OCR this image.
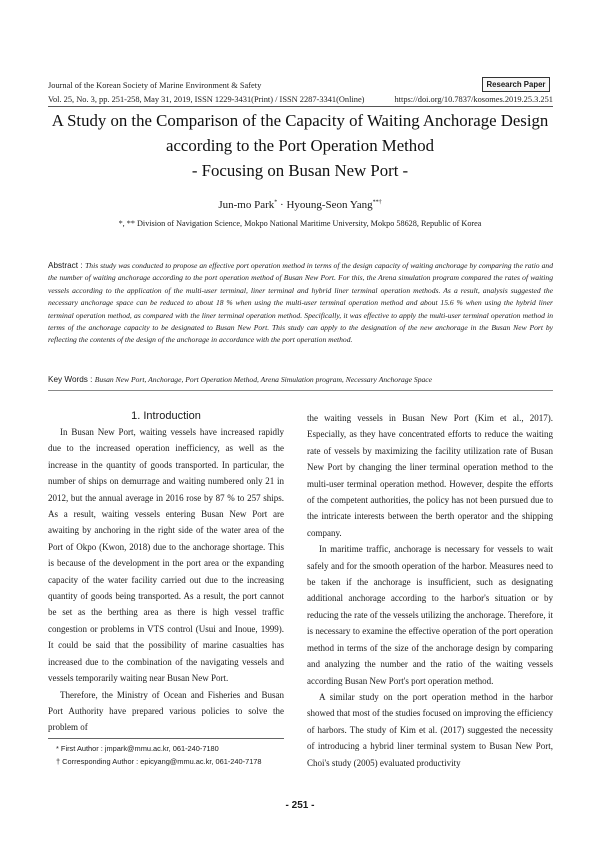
Journal of the Korean Society of Marine Environment & Safety
Vol. 25, No. 3, pp. 251-258, May 31, 2019, ISSN 1229-3431(Print) / ISSN 2287-3341(Online)	https://doi.org/10.7837/kosomes.2019.25.3.251
Research Paper
A Study on the Comparison of the Capacity of Waiting Anchorage Design
according to the Port Operation Method
- Focusing on Busan New Port -
Jun-mo Park* · Hyoung-Seon Yang**†
*, ** Division of Navigation Science, Mokpo National Maritime University, Mokpo 58628, Republic of Korea
Abstract : This study was conducted to propose an effective port operation method in terms of the design capacity of waiting anchorage by comparing the ratio and the number of waiting anchorage according to the port operation method of Busan New Port. For this, the Arena simulation program compared the rates of waiting vessels according to the application of the multi-user terminal, liner terminal and hybrid liner terminal operation methods. As a result, analysis suggested the necessary anchorage space can be reduced to about 18 % when using the multi-user terminal operation method and about 15.6 % when using the hybrid liner terminal operation method, as compared with the liner terminal operation method. Specifically, it was effective to apply the multi-user terminal operation method in terms of the anchorage capacity to be designated to Busan New Port. This study can apply to the designation of the new anchorage in the Busan New Port by reflecting the contents of the design of the anchorage in accordance with the port operation method.
Key Words : Busan New Port, Anchorage, Port Operation Method, Arena Simulation program, Necessary Anchorage Space

1. Introduction

In Busan New Port, waiting vessels have increased rapidly due to the increased operation inefficiency, as well as the increase in the quantity of goods transported. In particular, the number of ships on demurrage and waiting numbered only 21 in 2012, but the annual average in 2016 rose by 87 % to 257 ships. As a result, waiting vessels entering Busan New Port are awaiting by anchoring in the right side of the water area of the Port of Okpo (Kwon, 2018) due to the anchorage shortage. This is because of the development in the port area or the expanding capacity of the water facility carried out due to the increasing quantity of goods being transported. As a result, the port cannot be set as the berthing area as there is high vessel traffic congestion or problems in VTS control (Usui and Inoue, 1999). It could be said that the possibility of marine casualties has increased due to the combination of the navigating vessels and vessels temporarily waiting near Busan New Port.

Therefore, the Ministry of Ocean and Fisheries and Busan Port Authority have prepared various policies to solve the problem of

the waiting vessels in Busan New Port (Kim et al., 2017). Especially, as they have concentrated efforts to reduce the waiting rate of vessels by maximizing the facility utilization rate of Busan New Port by changing the liner terminal operation method to the multi-user terminal operation method. However, despite the efforts of the competent authorities, the policy has not been pursued due to the intricate interests between the berth operator and the shipping company.

In maritime traffic, anchorage is necessary for vessels to wait safely and for the smooth operation of the harbor. Measures need to be taken if the anchorage is insufficient, such as designating additional anchorage according to the harbor's situation or by reducing the rate of the vessels utilizing the anchorage. Therefore, it is necessary to examine the effective operation of the port operation method in terms of the size of the anchorage design by comparing and analyzing the number and the ratio of the waiting vessels according Busan New Port's port operation method.

A similar study on the port operation method in the harbor showed that most of the studies focused on improving the efficiency of harbors. The study of Kim et al. (2017) suggested the necessity of introducing a hybrid liner terminal system to Busan New Port, Choi's study (2005) evaluated productivity

* First Author : jmpark@mmu.ac.kr, 061-240-7180
† Corresponding Author : epicyang@mmu.ac.kr, 061-240-7178
- 251 -
